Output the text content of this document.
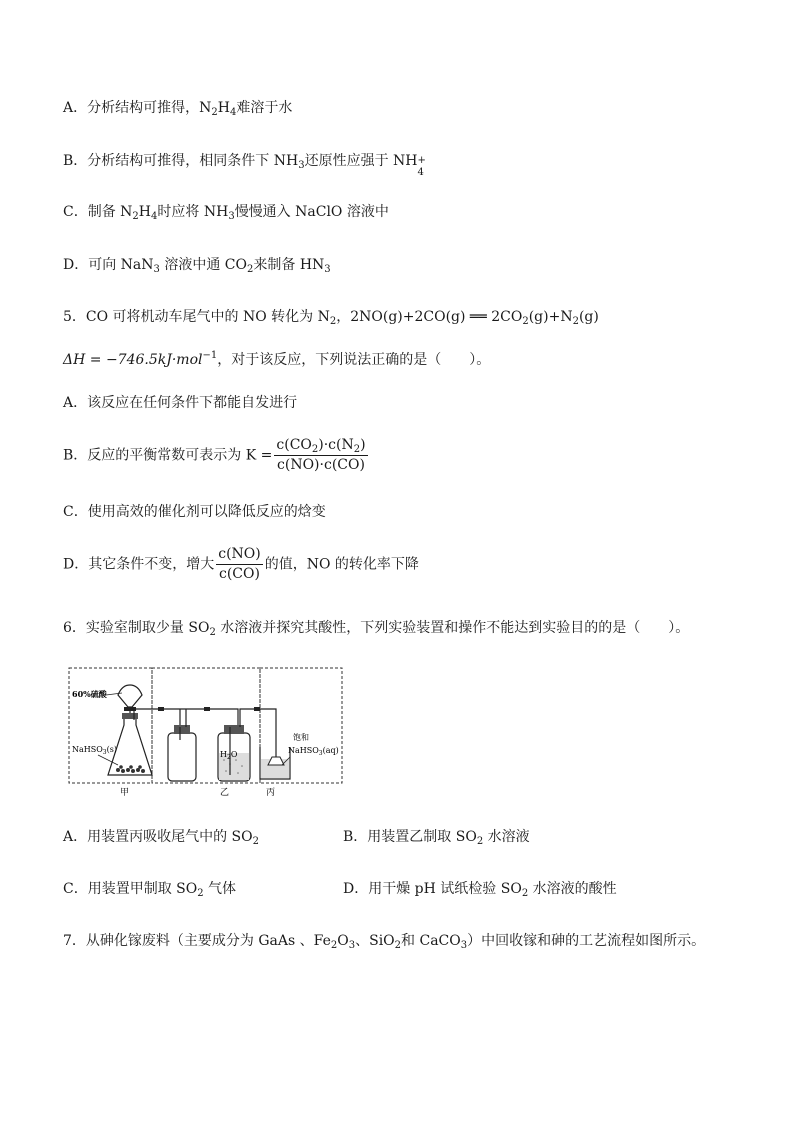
A．分析结构可推得，$N_2H_4$难溶于水
B．分析结构可推得，相同条件下 $NH_3$还原性应强于 NH +
4
C．制备 $N_2H_4$时应将 $NH_3$慢慢通入 NaClO 溶液中
D．可向 NaN$_3$ 溶液中通 $CO_2$来制备 $HN_3$
5．CO 可将机动车尾气中的 NO 转化为 $N_2$，2NO(g)+2CO(g) ══ $2CO_2(g)+N_2(g)$
ΔH = −746.5kJ·mol$^{-1}$，对于该反应，下列说法正确的是（　　）。
A．该反应在任何条件下都能自发进行
B．反应的平衡常数可表示为 $K = \frac{c(CO_2)\cdot c(N_2)}{c(NO)\cdot c(CO)}$
C．使用高效的催化剂可以降低反应的焓变
D．其它条件不变，增大 $\frac{c(NO)}{c(CO)}$ 的值，NO 的转化率下降
6．实验室制取少量 $SO_2$ 水溶液并探究其酸性，下列实验装置和操作不能达到实验目的的是（　　）。
60%硫酸
NaHSO$_3$(s)
$H_2O$
饱和
NaHSO$_3$(aq)
甲	乙	丙
A．用装置丙吸收尾气中的 $SO_2$	B．用装置乙制取 $SO_2$ 水溶液
C．用装置甲制取 $SO_2$ 气体	D．用干燥 pH 试纸检验 $SO_2$ 水溶液的酸性
7．从砷化镓废料（主要成分为 GaAs 、$Fe_2O_3$、SiO$_2$和 CaCO$_3$）中回收镓和砷的工艺流程如图所示。
